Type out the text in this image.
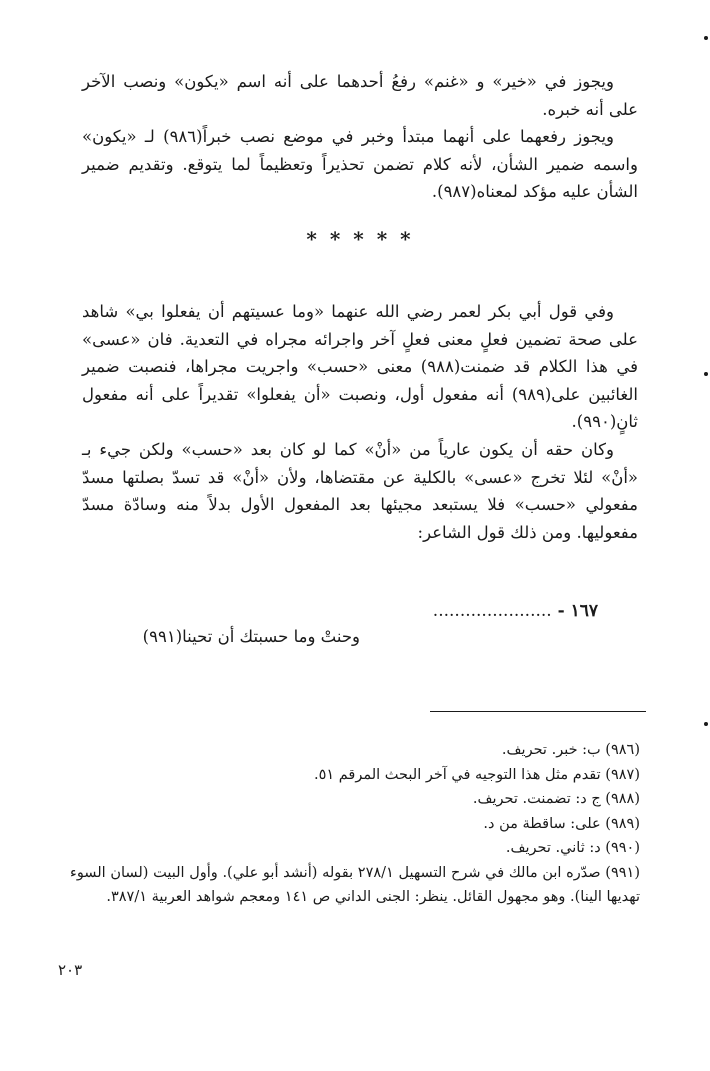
ويجوز في «خير» و «غنم» رفعُ أحدهما على أنه اسم «يكون» ونصب الآخر على أنه خبره.

ويجوز رفعهما على أنهما مبتدأ وخبر في موضع نصب خبراً(٩٨٦) لـ «يكون» واسمه ضمير الشأن، لأنه كلام تضمن تحذيراً وتعظيماً لما يتوقع. وتقديم ضمير الشأن عليه مؤكد لمعناه(٩٨٧).

* * * * *

وفي قول أبي بكر لعمر رضي الله عنهما «وما عسيتهم أن يفعلوا بي» شاهد على صحة تضمين فعلٍ معنى فعلٍ آخر واجرائه مجراه في التعدية. فان «عسى» في هذا الكلام قد ضمنت(٩٨٨) معنى «حسب» واجريت مجراها، فنصبت ضمير الغائبين على(٩٨٩) أنه مفعول أول، ونصبت «أن يفعلوا» تقديراً على أنه مفعول ثانٍ(٩٩٠).

وكان حقه أن يكون عارياً من «أنْ» كما لو كان بعد «حسب» ولكن جيء بـ «أنْ» لئلا تخرج «عسى» بالكلية عن مقتضاها، ولأن «أنْ» قد تسدّ بصلتها مسدّ مفعولي «حسب» فلا يستبعد مجيئها بعد المفعول الأول بدلاً منه وسادّة مسدّ مفعوليها. ومن ذلك قول الشاعر:

١٦٧ - ......................
وحنتْ وما حسبتك أن تحينا(٩٩١)

(٩٨٦) ب: خبر. تحريف.

(٩٨٧) تقدم مثل هذا التوجيه في آخر البحث المرقم ٥١.

(٩٨٨) ج د: تضمنت. تحريف.

(٩٨٩) على: ساقطة من د.

(٩٩٠) د: ثاني. تحريف.

(٩٩١) صدّره ابن مالك في شرح التسهيل ٢٧٨/١ بقوله (أنشد أبو علي). وأول البيت (لسان السوء تهديها الينا). وهو مجهول القائل. ينظر: الجنى الداني ص ١٤١ ومعجم شواهد العربية ٣٨٧/١.

٢٠٣
